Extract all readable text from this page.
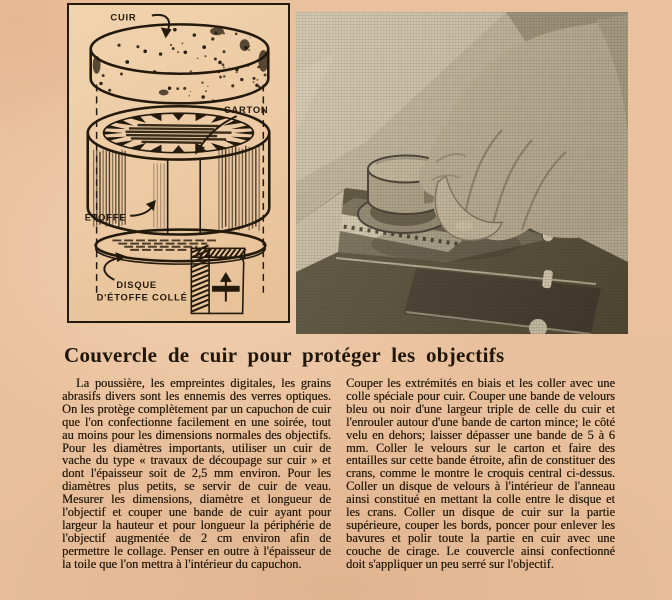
CUIR
CARTON
ÉTOFFE
DISQUE
D'ÉTOFFE COLLÉ
Couvercle de cuir pour protéger les objectifs

La poussière, les empreintes digitales, les grains abrasifs divers sont les ennemis des verres optiques. On les protège complètement par un capuchon de cuir que l'on confectionne facilement en une soirée, tout au moins pour les dimensions normales des objectifs. Pour les diamètres importants, utiliser un cuir de vache du type « travaux de découpage sur cuir » et dont l'épaisseur soit de 2,5 mm environ. Pour les diamètres plus petits, se servir de cuir de veau. Mesurer les dimensions, diamètre et longueur de l'objectif et couper une bande de cuir ayant pour largeur la hauteur et pour longueur la périphérie de l'objectif augmentée de 2 cm environ afin de permettre le collage. Penser en outre à l'épaisseur de la toile que l'on mettra à l'intérieur du capuchon.

Couper les extrémités en biais et les coller avec une colle spéciale pour cuir. Couper une bande de velours bleu ou noir d'une largeur triple de celle du cuir et l'enrouler autour d'une bande de carton mince; le côté velu en dehors; laisser dépasser une bande de 5 à 6 mm. Coller le velours sur le carton et faire des entailles sur cette bande étroite, afin de constituer des crans, comme le montre le croquis central ci-dessus. Coller un disque de velours à l'intérieur de l'anneau ainsi constitué en mettant la colle entre le disque et les crans. Coller un disque de cuir sur la partie supérieure, couper les bords, poncer pour enlever les bavures et polir toute la partie en cuir avec une couche de cirage. Le couvercle ainsi confectionné doit s'appliquer un peu serré sur l'objectif.
